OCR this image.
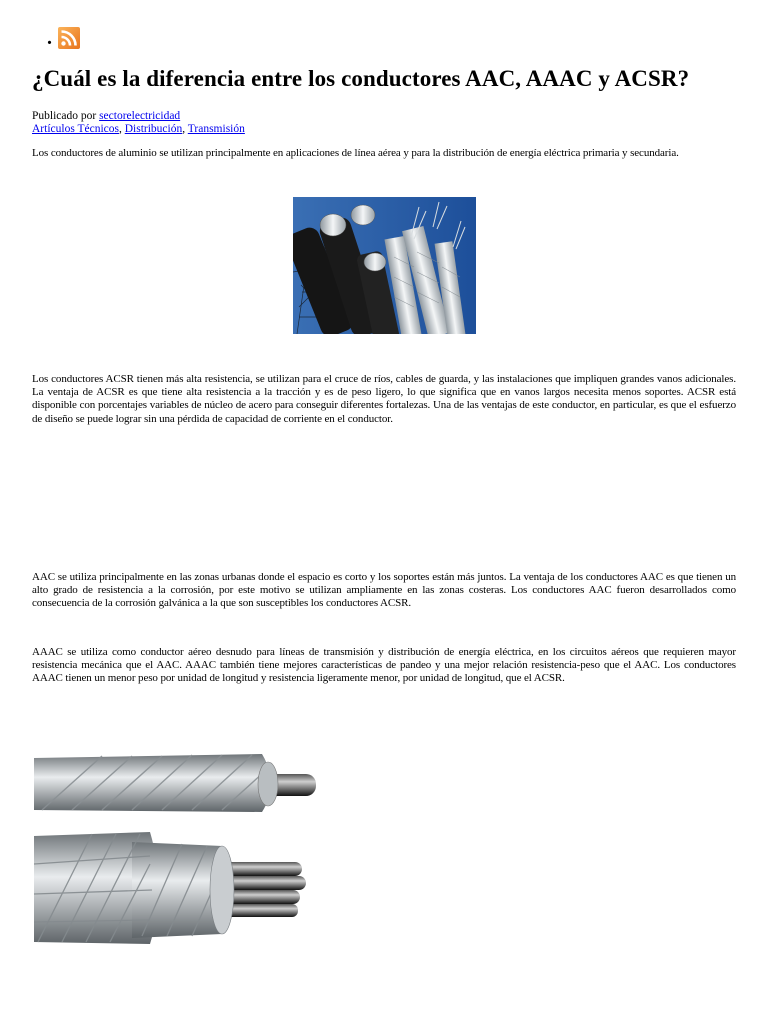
.
¿Cuál es la diferencia entre los conductores AAC, AAAC y ACSR?
Publicado por sectorelectricidad
Artículos Técnicos, Distribución, Transmisión

Los conductores de aluminio se utilizan principalmente en aplicaciones de línea aérea y para la distribución de energía eléctrica primaria y secundaria.

Los conductores ACSR tienen más alta resistencia, se utilizan para el cruce de ríos, cables de guarda, y las instalaciones que impliquen grandes vanos adicionales. La ventaja de ACSR es que tiene alta resistencia a la tracción y es de peso ligero, lo que significa que en vanos largos necesita menos soportes. ACSR está disponible con porcentajes variables de núcleo de acero para conseguir diferentes fortalezas. Una de las ventajas de este conductor, en particular, es que el esfuerzo de diseño se puede lograr sin una pérdida de capacidad de corriente en el conductor.

AAC se utiliza principalmente en las zonas urbanas donde el espacio es corto y los soportes están más juntos. La ventaja de los conductores AAC es que tienen un alto grado de resistencia a la corrosión, por este motivo se utilizan ampliamente en las zonas costeras. Los conductores AAC fueron desarrollados como consecuencia de la corrosión galvánica a la que son susceptibles los conductores ACSR.

AAAC se utiliza como conductor aéreo desnudo para líneas de transmisión y distribución de energía eléctrica, en los circuitos aéreos que requieren mayor resistencia mecánica que el AAC. AAAC también tiene mejores características de pandeo y una mejor relación resistencia-peso que el AAC. Los conductores AAAC tienen un menor peso por unidad de longitud y resistencia ligeramente menor, por unidad de longitud, que el ACSR.
